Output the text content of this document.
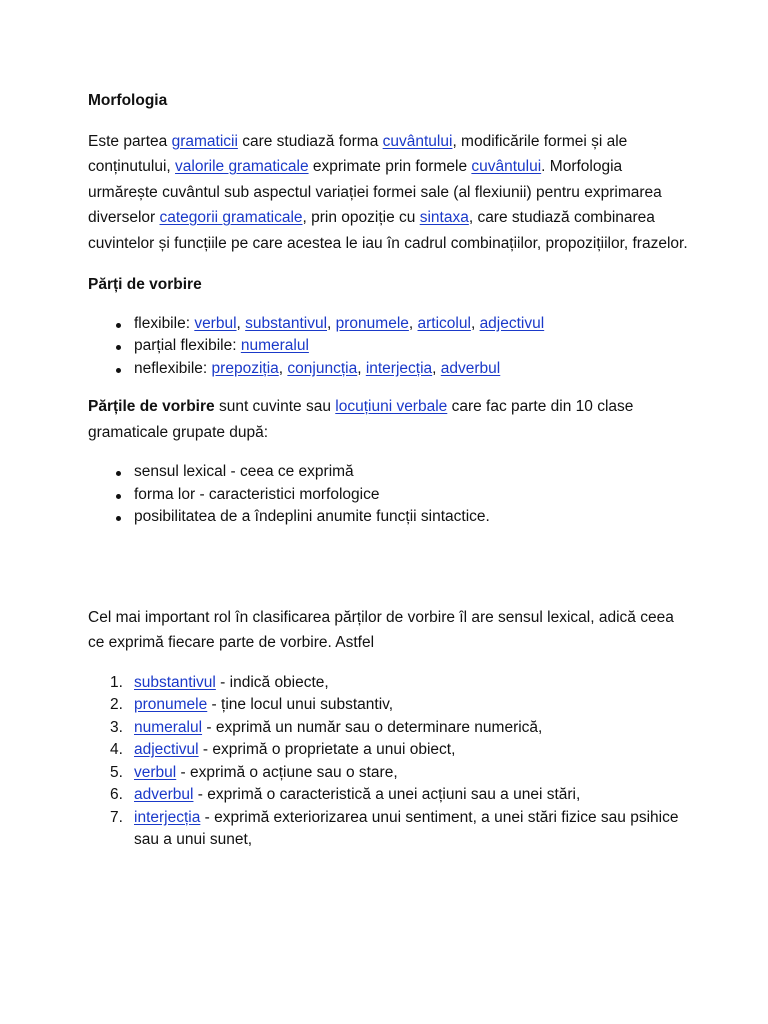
Morfologia

Este partea gramaticii care studiază forma cuvântului, modificările formei și ale conținutului, valorile gramaticale exprimate prin formele cuvântului. Morfologia urmărește cuvântul sub aspectul variației formei sale (al flexiunii) pentru exprimarea diverselor categorii gramaticale, prin opoziție cu sintaxa, care studiază combinarea cuvintelor și funcțiile pe care acestea le iau în cadrul combinațiilor, propozițiilor, frazelor.

Părți de vorbire

flexibile: verbul, substantivul, pronumele, articolul, adjectivul
parțial flexibile: numeralul
neflexibile: prepoziția, conjuncția, interjecția, adverbul

Părțile de vorbire sunt cuvinte sau locuțiuni verbale care fac parte din 10 clase gramaticale grupate după:

sensul lexical - ceea ce exprimă
forma lor - caracteristici morfologice
posibilitatea de a îndeplini anumite funcții sintactice.

Cel mai important rol în clasificarea părților de vorbire îl are sensul lexical, adică ceea ce exprimă fiecare parte de vorbire. Astfel

1. substantivul - indică obiecte,
2. pronumele - ține locul unui substantiv,
3. numeralul - exprimă un număr sau o determinare numerică,
4. adjectivul - exprimă o proprietate a unui obiect,
5. verbul - exprimă o acțiune sau o stare,
6. adverbul - exprimă o caracteristică a unei acțiuni sau a unei stări,
7. interjecția - exprimă exteriorizarea unui sentiment, a unei stări fizice sau psihice sau a unui sunet,
